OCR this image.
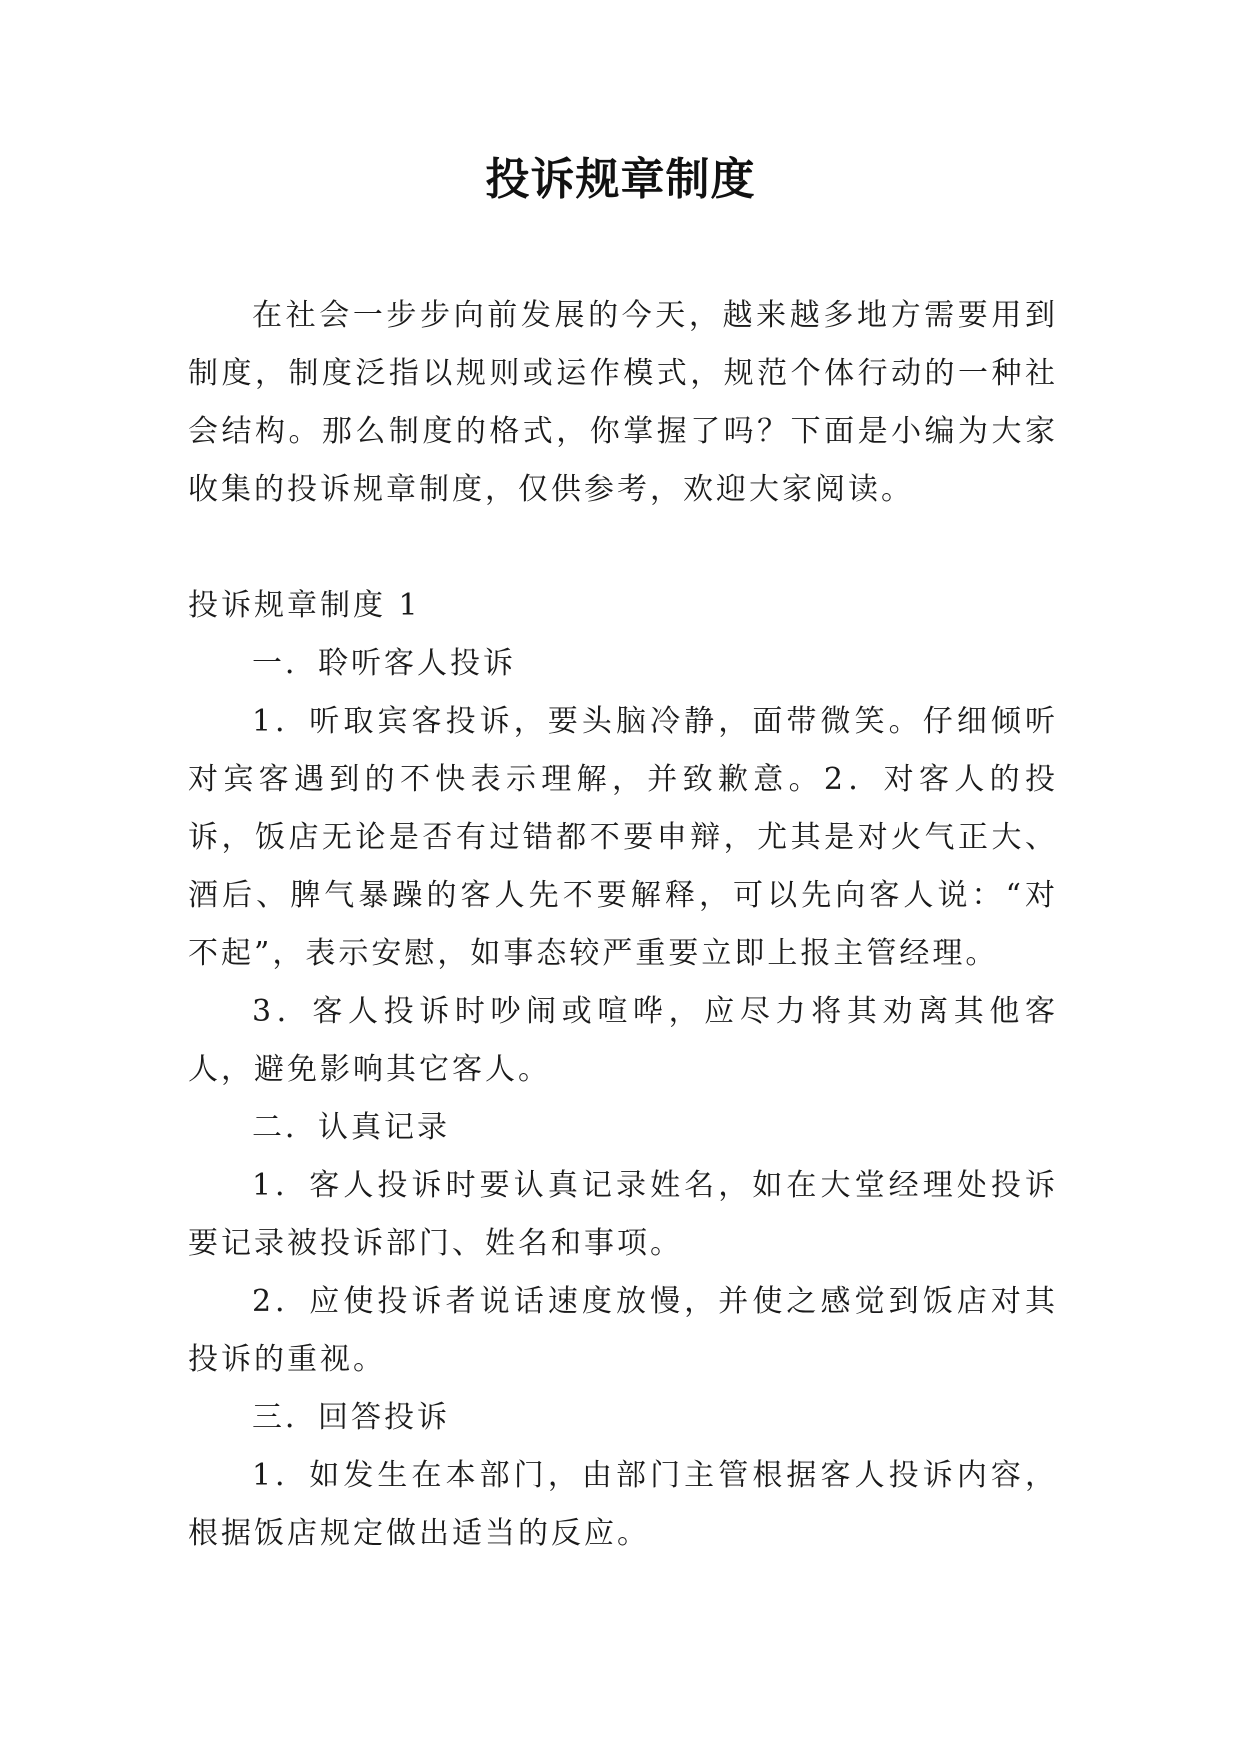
投诉规章制度

在社会一步步向前发展的今天，越来越多地方需要用到制度，制度泛指以规则或运作模式，规范个体行动的一种社会结构。那么制度的格式，你掌握了吗？下面是小编为大家收集的投诉规章制度，仅供参考，欢迎大家阅读。

投诉规章制度 1

一．聆听客人投诉

1．听取宾客投诉，要头脑冷静，面带微笑。仔细倾听对宾客遇到的不快表示理解，并致歉意。2．对客人的投诉，饭店无论是否有过错都不要申辩，尤其是对火气正大、酒后、脾气暴躁的客人先不要解释，可以先向客人说：“对不起”，表示安慰，如事态较严重要立即上报主管经理。

3．客人投诉时吵闹或喧哗，应尽力将其劝离其他客人，避免影响其它客人。

二．认真记录

1．客人投诉时要认真记录姓名，如在大堂经理处投诉要记录被投诉部门、姓名和事项。

2．应使投诉者说话速度放慢，并使之感觉到饭店对其投诉的重视。

三．回答投诉

1．如发生在本部门，由部门主管根据客人投诉内容，根据饭店规定做出适当的反应。
